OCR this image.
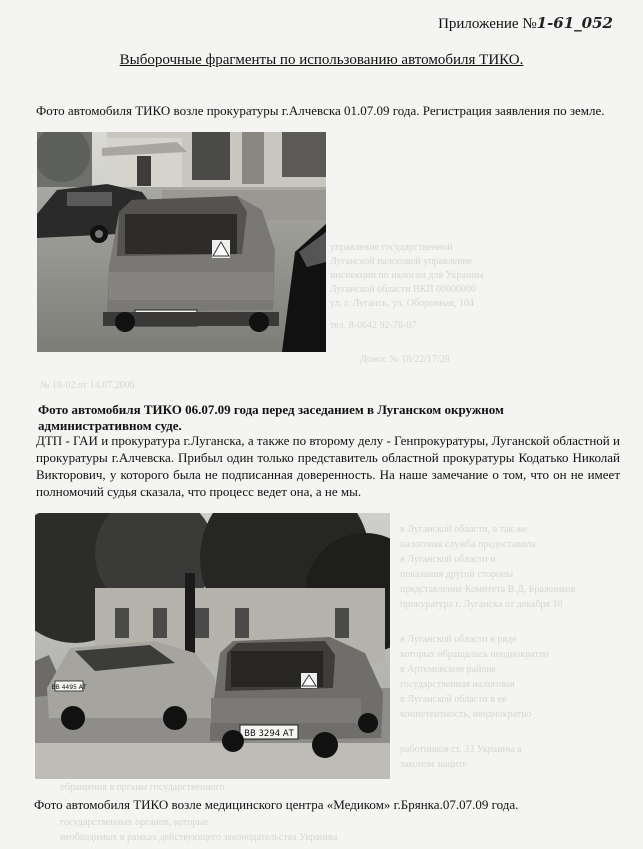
управление государственной
Луганской налоговой управление
инспекции по налогам для Украины
Луганской области ВКП 00000000
ул. г. Луганск, ул. Оборонная, 104
тел. 8-0642 92-78-07
Донос № 18/22/17/28
№ 18-02 от 14.07.2006
в Луганской области, а так же
налоговая служба предоставила
в Луганской области и
показания другой стороны
представление Комитета В.Д. Бражников
прокуратура г. Луганска от декабря 10
в Луганской области в ряде
которых обращалась неоднократно
в Артемовском районе
государственная налоговая
в Луганской области в ее
компетентность, неоднократно
работников ст. 33 Украины а
законом защите
обращения в органы государственного
государственных органов, которые
необходимых в рамках действующего законодательства Украины
Приложение №1-61_052
Выборочные фрагменты по использованию автомобиля ТИКО.
Фото автомобиля ТИКО возле прокуратуры г.Алчевска 01.07.09 года. Регистрация заявления по земле.
Фото автомобиля ТИКО 06.07.09 года перед заседанием в Луганском окружном административном суде.
ДТП - ГАИ и прокуратура г.Луганска, а также по второму делу - Генпрокуратуры, Луганской областной и прокуратуры г.Алчевска. Прибыл один только представитель областной прокуратуры Кодатько Николай Викторович, у которого была не подписанная доверенность. На наше замечание о том, что он не имеет полномочий судья сказала, что процесс ведет она, а не мы.
ВВ 4495 АТ
ВВ 3294 АТ
Фото автомобиля ТИКО возле медицинского центра «Медиком» г.Брянка.07.07.09 года.
